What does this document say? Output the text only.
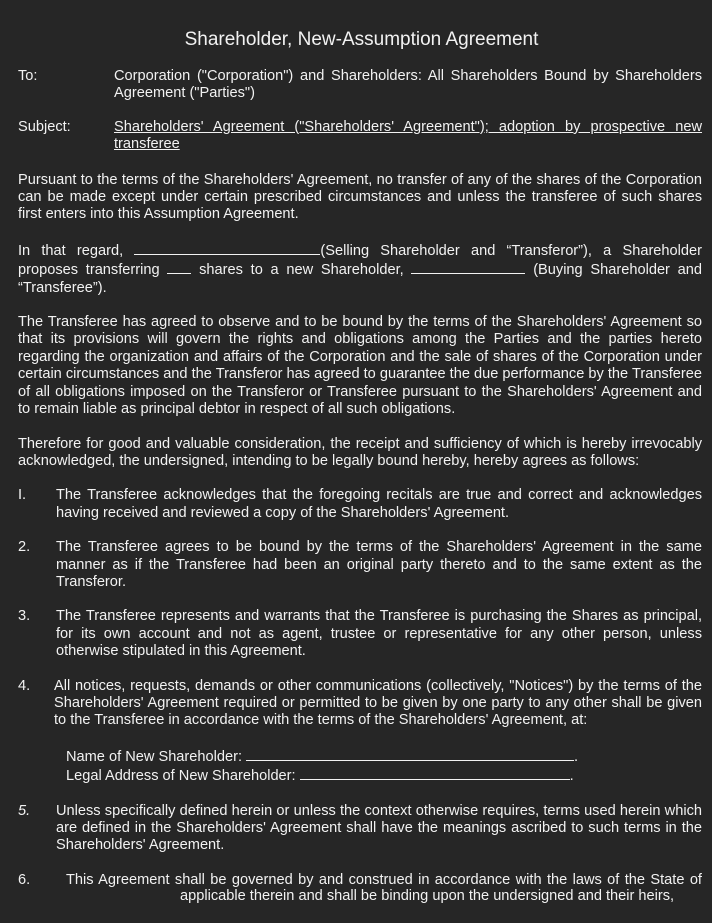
Shareholder, New-Assumption Agreement
To:	Corporation ("Corporation") and Shareholders: All Shareholders Bound by Shareholders Agreement ("Parties")
Subject:	Shareholders' Agreement ("Shareholders' Agreement"); adoption by prospective new transferee

Pursuant to the terms of the Shareholders' Agreement, no transfer of any of the shares of the Corporation can be made except under certain prescribed circumstances and unless the transferee of such shares first enters into this Assumption Agreement.

In that regard,	(Selling Shareholder and “Transferor”), a Shareholder proposes transferring	shares to a new Shareholder,	(Buying Shareholder and “Transferee”).

The Transferee has agreed to observe and to be bound by the terms of the Shareholders' Agreement so that its provisions will govern the rights and obligations among the Parties and the parties hereto regarding the organization and affairs of the Corporation and the sale of shares of the Corporation under certain circumstances and the Transferor has agreed to guarantee the due performance by the Transferee of all obligations imposed on the Transferor or Transferee pursuant to the Shareholders' Agreement and to remain liable as principal debtor in respect of all such obligations.

Therefore for good and valuable consideration, the receipt and sufficiency of which is hereby irrevocably acknowledged, the undersigned, intending to be legally bound hereby, hereby agrees as follows:

I.	The Transferee acknowledges that the foregoing recitals are true and correct and acknowledges having received and reviewed a copy of the Shareholders' Agreement.
2.	The Transferee agrees to be bound by the terms of the Shareholders' Agreement in the same manner as if the Transferee had been an original party thereto and to the same extent as the Transferor.
3.	The Transferee represents and warrants that the Transferee is purchasing the Shares as principal, for its own account and not as agent, trustee or representative for any other person, unless otherwise stipulated in this Agreement.
4.	All notices, requests, demands or other communications (collectively, "Notices") by the terms of the Shareholders' Agreement required or permitted to be given by one party to any other shall be given to the Transferee in accordance with the terms of the Shareholders' Agreement, at:
Name of New Shareholder:	.
Legal Address of New Shareholder:	.
5.	Unless specifically defined herein or unless the context otherwise requires, terms used herein which are defined in the Shareholders' Agreement shall have the meanings ascribed to such terms in the Shareholders' Agreement.
6.	This Agreement shall be governed by and construed in accordance with the laws of the State of
applicable therein and shall be binding upon the undersigned and their heirs,
